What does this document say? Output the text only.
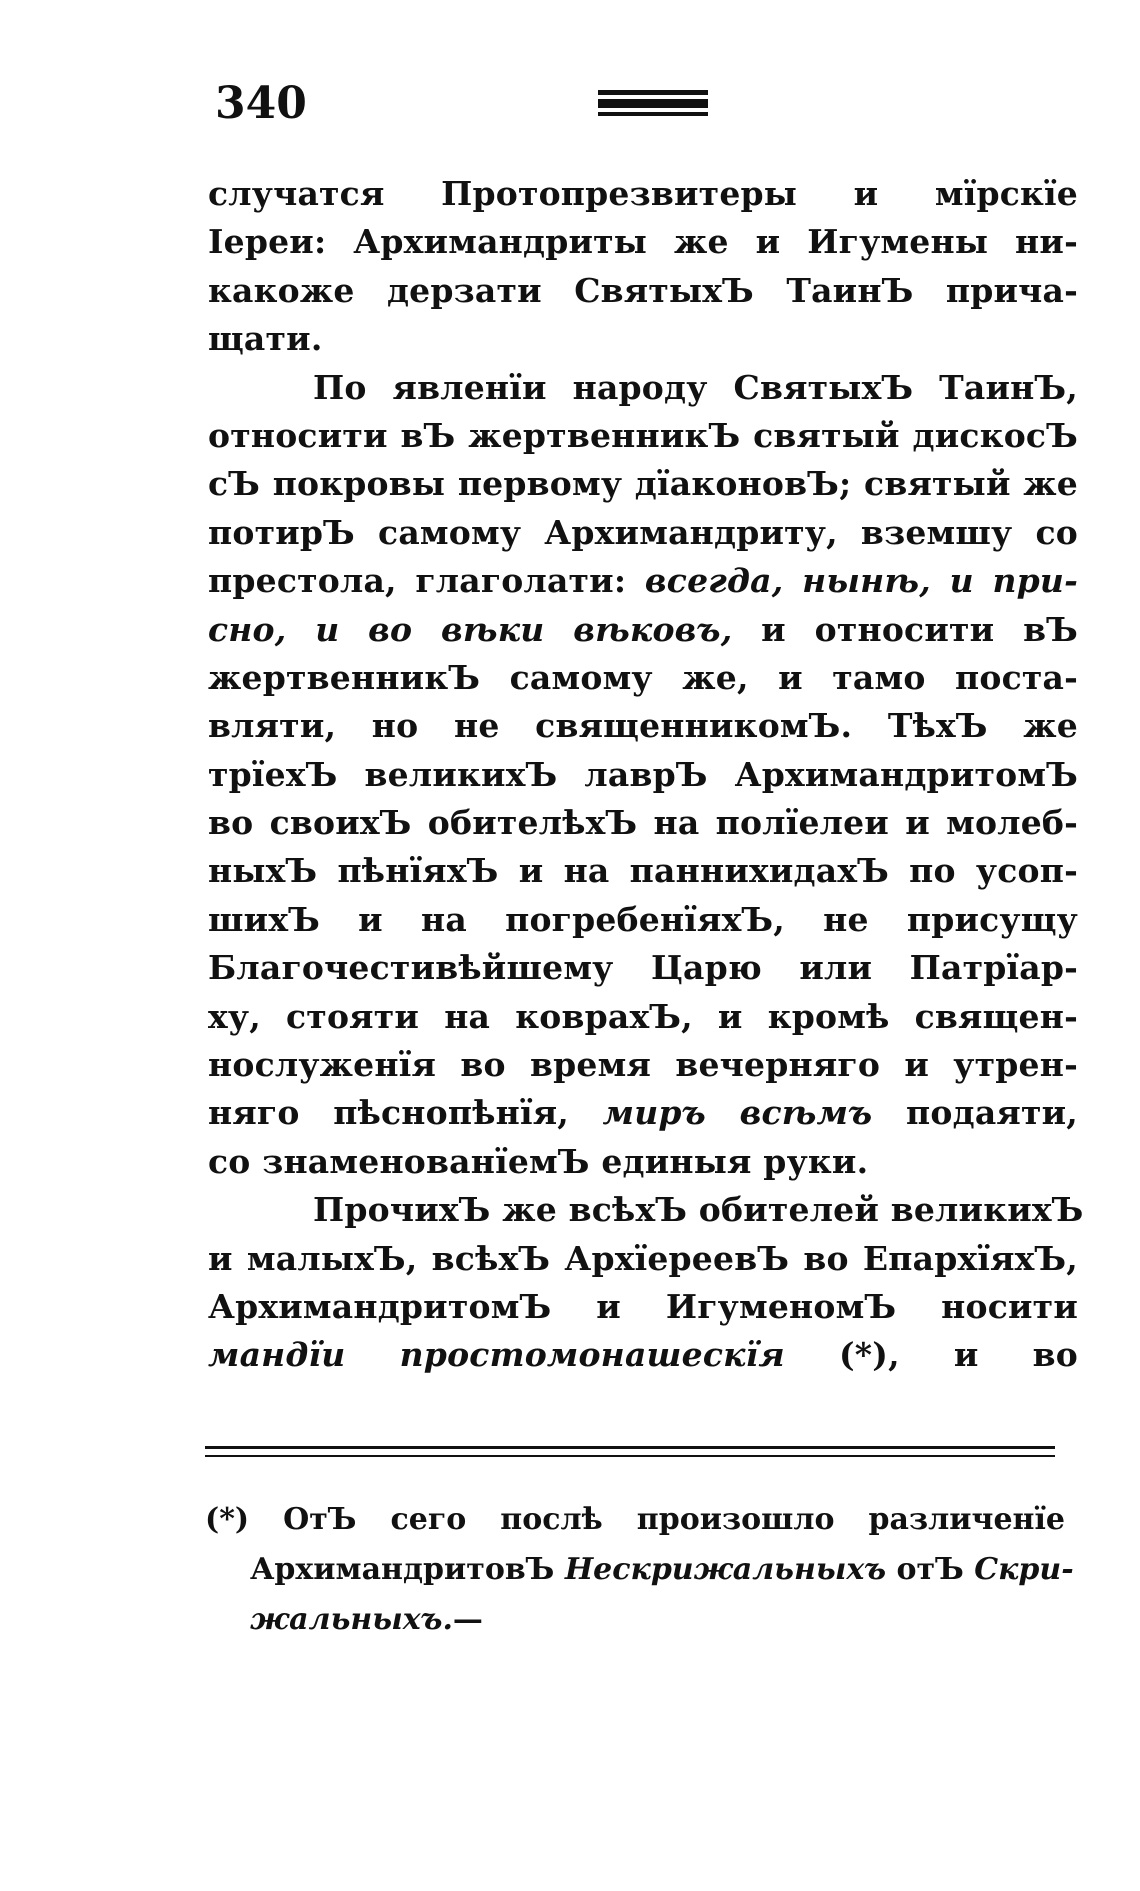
340
случатся Протопрезвитеры и мїрскїе
Іереи: Архимандриты же и Игумены ни-
какоже дерзати СвятыхЪ ТаинЪ прича-
щати.
По явленїи народу СвятыхЪ ТаинЪ,
относити вЪ жертвенникЪ святый дискосЪ
сЪ покровы первому дїаконовЪ; святый же
потирЪ самому Архимандриту, вземшу со
престола, глаголати: всегда, нынѣ, и при-
сно, и во вѣки вѣковъ, и относити вЪ
жертвенникЪ самому же, и тамо поста-
вляти, но не священникомЪ. ТѣхЪ же
трїехЪ великихЪ лаврЪ АрхимандритомЪ
во своихЪ обителѣхЪ на полїелеи и молеб-
ныхЪ пѣнїяхЪ и на паннихидахЪ по усоп-
шихЪ и на погребенїяхЪ, не присущу
Благочестивѣйшему Царю или Патрїар-
ху, стояти на коврахЪ, и кромѣ священ-
нослуженїя во время вечерняго и утрен-
няго пѣснопѣнїя, миръ всѣмъ подаяти,
со знаменованїемЪ единыя руки.
ПрочихЪ же всѣхЪ обителей великихЪ
и малыхЪ, всѣхЪ АрхїереевЪ во ЕпархїяхЪ,
АрхимандритомЪ и ИгуменомЪ носити
мандїи простомонашескїя (*), и во
(*) ОтЪ сего послѣ произошло различенїе
АрхимандритовЪ Нескрижальныхъ отЪ Скри-
жальныхъ.—
